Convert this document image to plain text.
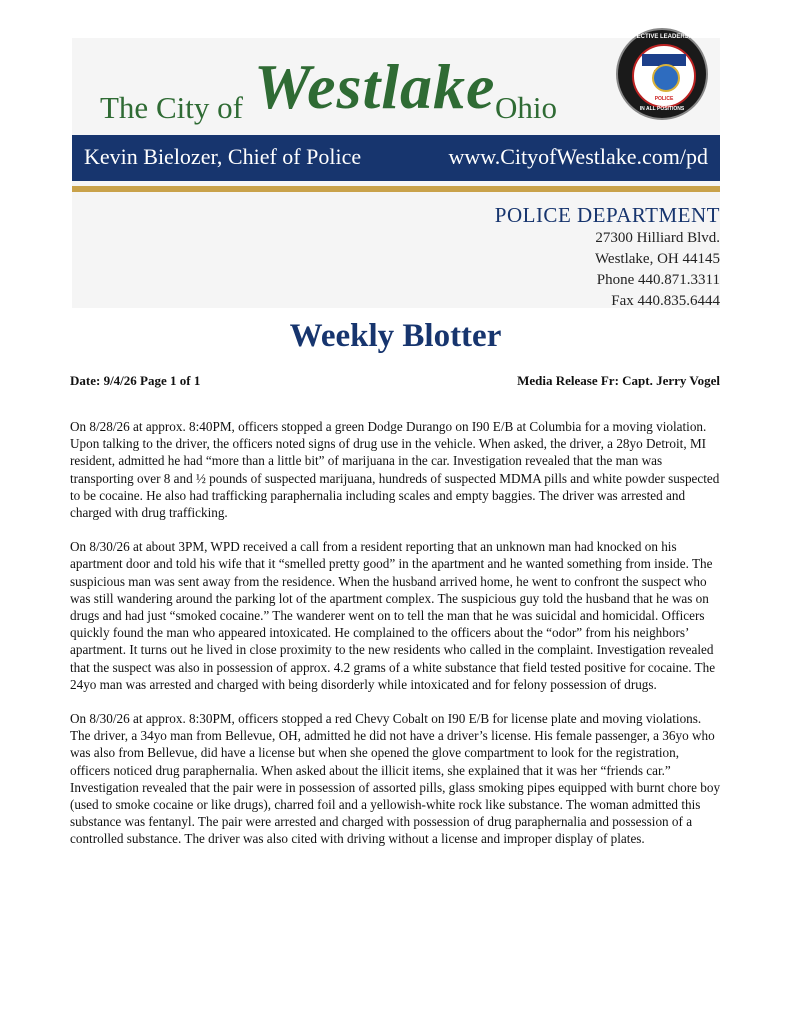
The City of Westlake Ohio
EFFECTIVE LEADERSHIP
POLICE
IN ALL POSITIONS
Kevin Bielozer, Chief of Police	www.CityofWestlake.com/pd
POLICE DEPARTMENT
27300 Hilliard Blvd.
Westlake, OH 44145
Phone 440.871.3311
Fax 440.835.6444
Weekly Blotter
Date: 9/4/26 Page 1 of 1	Media Release Fr: Capt. Jerry Vogel

On 8/28/26 at approx. 8:40PM, officers stopped a green Dodge Durango on I90 E/B at Columbia for a moving violation. Upon talking to the driver, the officers noted signs of drug use in the vehicle. When asked, the driver, a 28yo Detroit, MI resident, admitted he had “more than a little bit” of marijuana in the car. Investigation revealed that the man was transporting over 8 and ½ pounds of suspected marijuana, hundreds of suspected MDMA pills and white powder suspected to be cocaine. He also had trafficking paraphernalia including scales and empty baggies. The driver was arrested and charged with drug trafficking.

On 8/30/26 at about 3PM, WPD received a call from a resident reporting that an unknown man had knocked on his apartment door and told his wife that it “smelled pretty good” in the apartment and he wanted something from inside. The suspicious man was sent away from the residence. When the husband arrived home, he went to confront the suspect who was still wandering around the parking lot of the apartment complex. The suspicious guy told the husband that he was on drugs and had just “smoked cocaine.” The wanderer went on to tell the man that he was suicidal and homicidal. Officers quickly found the man who appeared intoxicated. He complained to the officers about the “odor” from his neighbors’ apartment. It turns out he lived in close proximity to the new residents who called in the complaint. Investigation revealed that the suspect was also in possession of approx. 4.2 grams of a white substance that field tested positive for cocaine. The 24yo man was arrested and charged with being disorderly while intoxicated and for felony possession of drugs.

On 8/30/26 at approx. 8:30PM, officers stopped a red Chevy Cobalt on I90 E/B for license plate and moving violations. The driver, a 34yo man from Bellevue, OH, admitted he did not have a driver’s license. His female passenger, a 36yo who was also from Bellevue, did have a license but when she opened the glove compartment to look for the registration, officers noticed drug paraphernalia. When asked about the illicit items, she explained that it was her “friends car.” Investigation revealed that the pair were in possession of assorted pills, glass smoking pipes equipped with burnt chore boy (used to smoke cocaine or like drugs), charred foil and a yellowish-white rock like substance. The woman admitted this substance was fentanyl. The pair were arrested and charged with possession of drug paraphernalia and possession of a controlled substance. The driver was also cited with driving without a license and improper display of plates.
